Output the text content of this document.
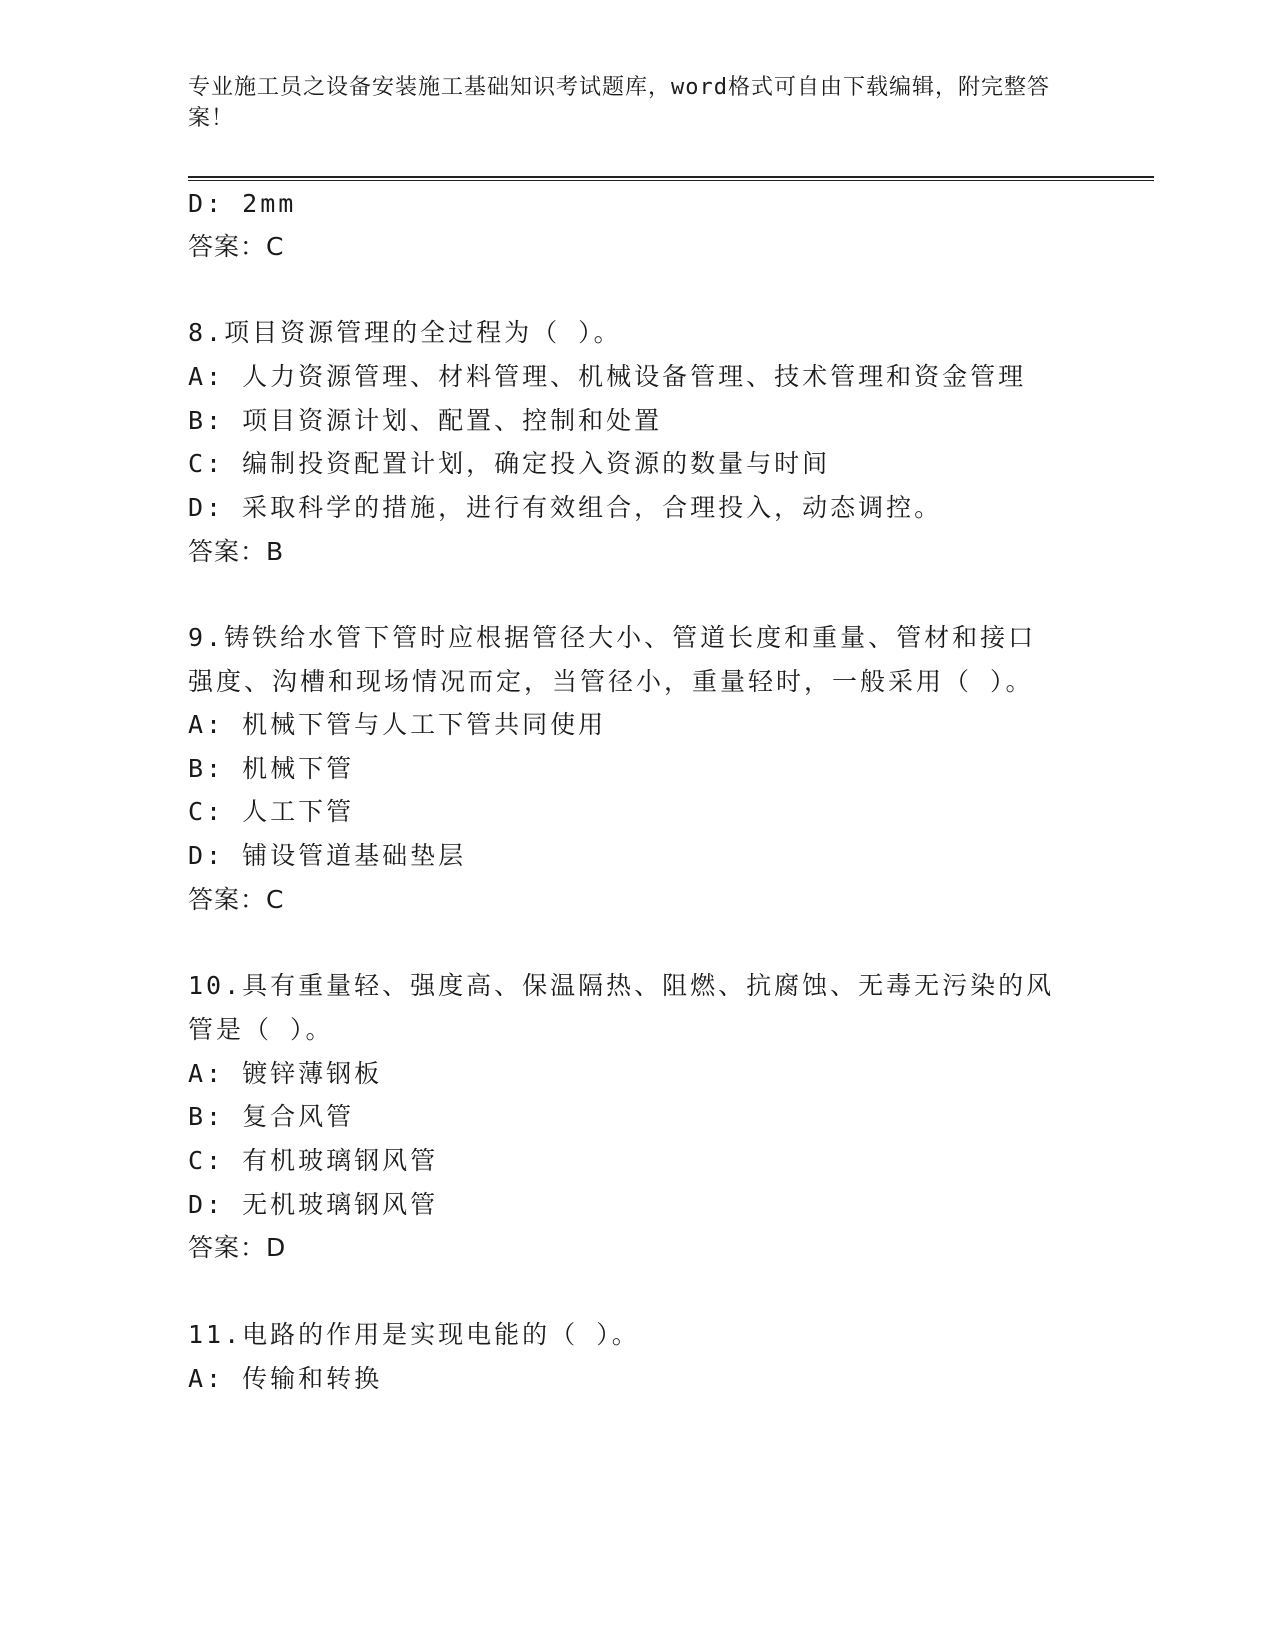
专业施工员之设备安装施工基础知识考试题库，word格式可自由下载编辑，附完整答案！

D: 2mm

答案：C

8.项目资源管理的全过程为（ ）。

A: 人力资源管理、材料管理、机械设备管理、技术管理和资金管理

B: 项目资源计划、配置、控制和处置

C: 编制投资配置计划，确定投入资源的数量与时间

D: 采取科学的措施，进行有效组合，合理投入，动态调控。

答案：B

9.铸铁给水管下管时应根据管径大小、管道长度和重量、管材和接口

强度、沟槽和现场情况而定，当管径小，重量轻时，一般采用（ ）。

A: 机械下管与人工下管共同使用

B: 机械下管

C: 人工下管

D: 铺设管道基础垫层

答案：C

10.具有重量轻、强度高、保温隔热、阻燃、抗腐蚀、无毒无污染的风

管是（ ）。

A: 镀锌薄钢板

B: 复合风管

C: 有机玻璃钢风管

D: 无机玻璃钢风管

答案：D

11.电路的作用是实现电能的（ ）。

A: 传输和转换
